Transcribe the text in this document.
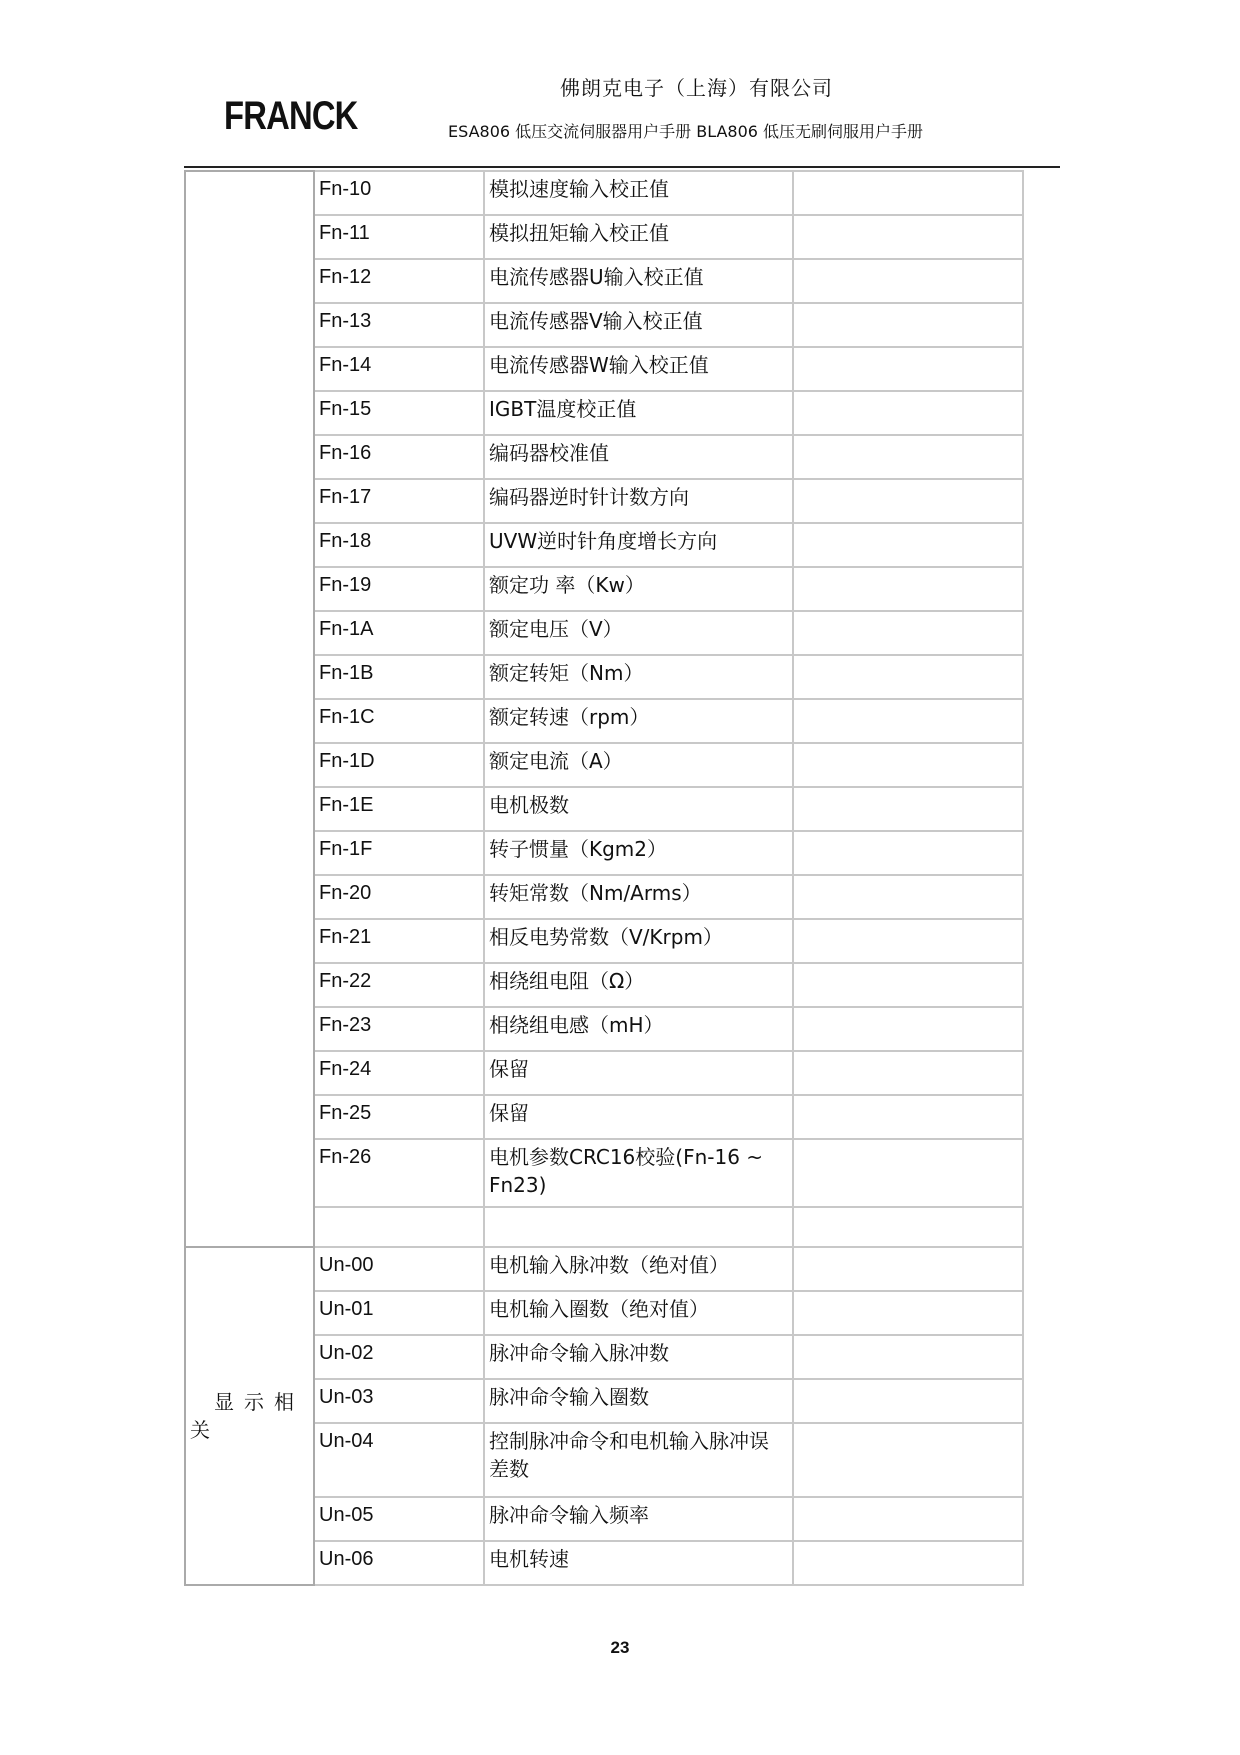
FRANCK
佛朗克电子（上海）有限公司
ESA806 低压交流伺服器用户手册 BLA806 低压无刷伺服用户手册
	Fn-10	模拟速度输入校正值	
	Fn-11	模拟扭矩输入校正值	
	Fn-12	电流传感器U输入校正值	
	Fn-13	电流传感器V输入校正值	
	Fn-14	电流传感器W输入校正值	
	Fn-15	IGBT温度校正值	
	Fn-16	编码器校准值	
	Fn-17	编码器逆时针计数方向	
	Fn-18	UVW逆时针角度增长方向	
	Fn-19	额定功 率（Kw）	
	Fn-1A	额定电压（V）	
	Fn-1B	额定转矩（Nm）	
	Fn-1C	额定转速（rpm）	
	Fn-1D	额定电流（A）	
	Fn-1E	电机极数	
	Fn-1F	转子惯量（Kgm2）	
	Fn-20	转矩常数（Nm/Arms）	
	Fn-21	相反电势常数（V/Krpm）	
	Fn-22	相绕组电阻（Ω）	
	Fn-23	相绕组电感（mH）	
	Fn-24	保留	
	Fn-25	保留	
	Fn-26	电机参数CRC16校验(Fn-16 ~ Fn23)	

显示相关	Un-00	电机输入脉冲数（绝对值）	
	Un-01	电机输入圈数（绝对值）	
	Un-02	脉冲命令输入脉冲数	
	Un-03	脉冲命令输入圈数	
	Un-04	控制脉冲命令和电机输入脉冲误差数	
	Un-05	脉冲命令输入频率	
	Un-06	电机转速	
23
